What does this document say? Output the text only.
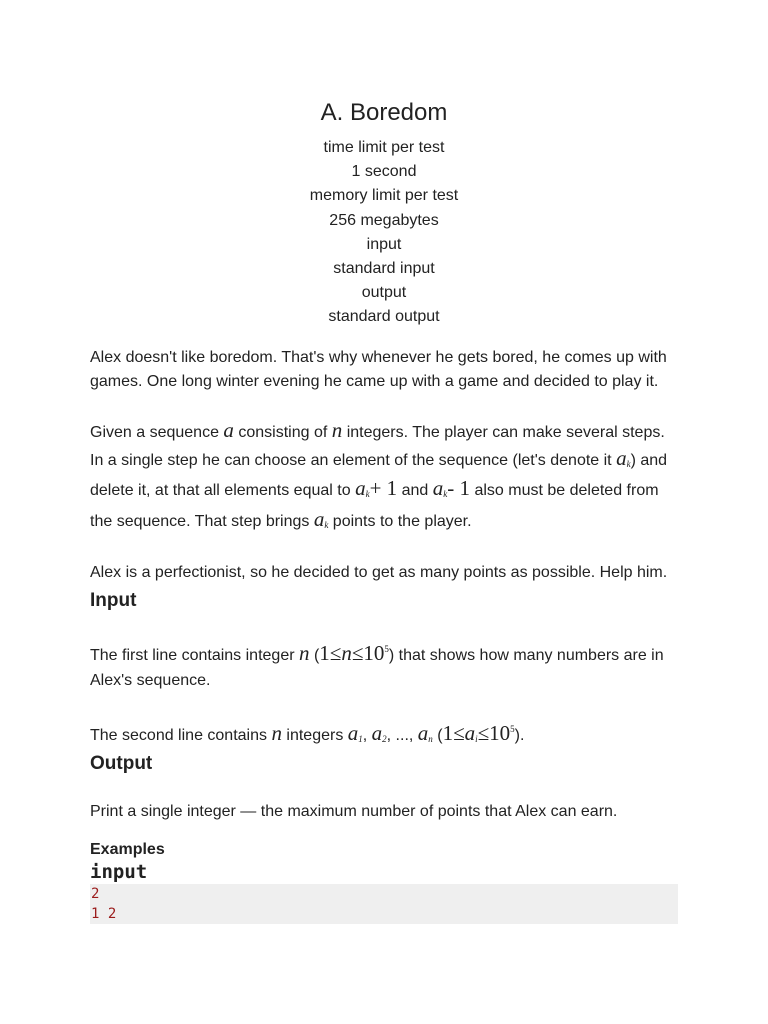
A. Boredom
time limit per test
1 second
memory limit per test
256 megabytes
input
standard input
output
standard output

Alex doesn't like boredom. That's why whenever he gets bored, he comes up with games. One long winter evening he came up with a game and decided to play it.

Given a sequence a consisting of n integers. The player can make several steps. In a single step he can choose an element of the sequence (let's denote it $a_k$) and delete it, at that all elements equal to $a_k+ 1$ and $a_k-$ 1 also must be deleted from the sequence. That step brings $a_k$ points to the player.

Alex is a perfectionist, so he decided to get as many points as possible. Help him.

Input

The first line contains integer n $(1\le n\le 10^5)$ that shows how many numbers are in Alex's sequence.

The second line contains n integers $a_1$, $a_2$, ..., $a_n$ $(1\le a_i\le 10^5)$.

Output

Print a single integer — the maximum number of points that Alex can earn.

Examples
input
2
1 2
